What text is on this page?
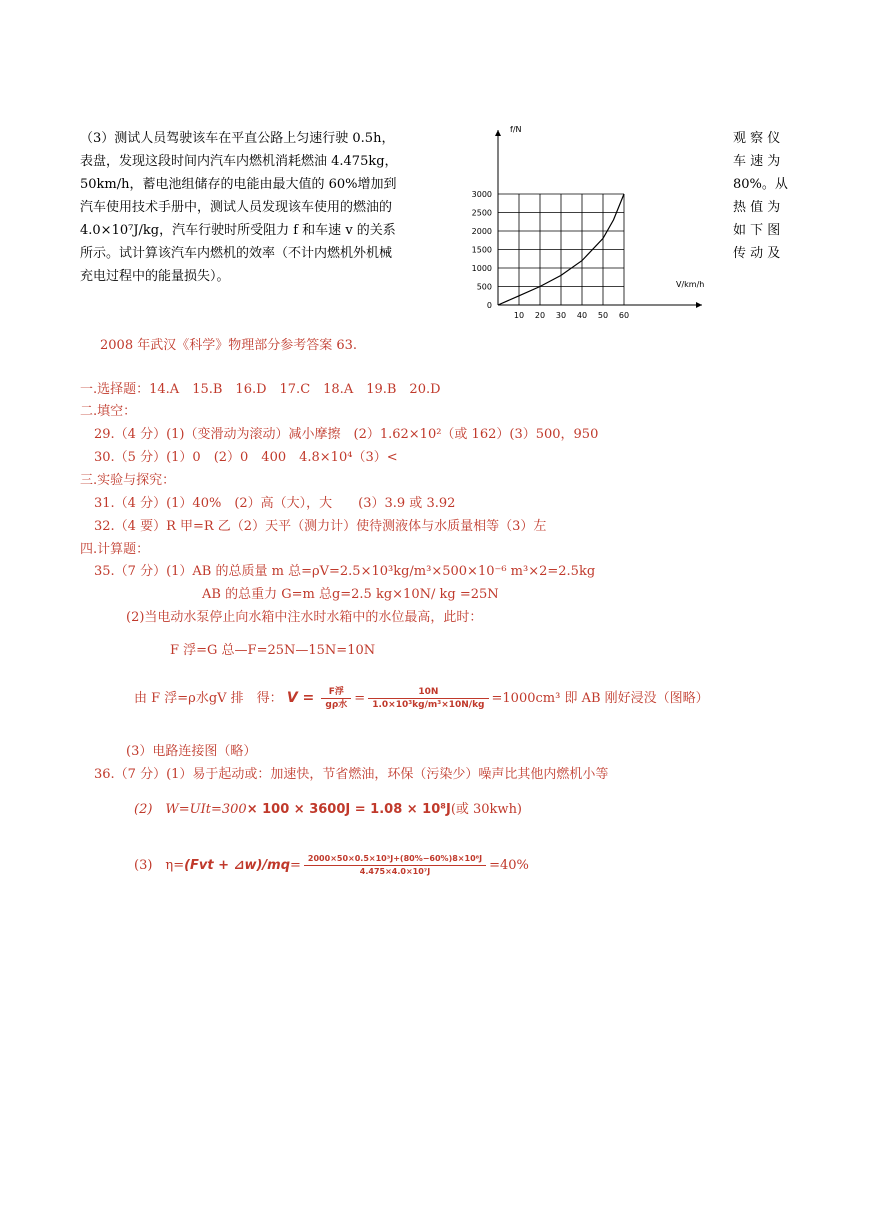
（3）测试人员驾驶该车在平直公路上匀速行驶 0.5h，
表盘，发现这段时间内汽车内燃机消耗燃油 4.475kg，
50km/h，蓄电池组储存的电能由最大值的 60%增加到
汽车使用技术手册中，测试人员发现该车使用的燃油的
4.0×10⁷J/kg，汽车行驶时所受阻力 f 和车速 v 的关系
所示。试计算该汽车内燃机的效率（不计内燃机外机械
充电过程中的能量损失）。
观 察 仪
车 速 为
80%。从
热 值 为
如 下 图
传 动 及
10 20 30 40 50 60
0
500
1000
1500
2000
2500
3000
f/N
V/km/h
2008 年武汉《科学》物理部分参考答案 63.
一.选择题：14.A　15.B　16.D　17.C　18.A　19.B　20.D
二.填空：
29.（4 分）(1)（变滑动为滚动）减小摩擦　(2）1.62×10²（或 162）(3）500，950
30.（5 分）(1）0　(2）0　400　4.8×10⁴（3）<
三.实验与探究：
31.（4 分）(1）40%　(2）高（大），大　　(3）3.9 或 3.92
32.（4 要）R 甲=R 乙（2）天平（测力计）使待测液体与水质量相等（3）左
四.计算题：
35.（7 分）(1）AB 的总质量 m 总=ρV=2.5×10³kg/m³×500×10⁻⁶ m³×2=2.5kg
AB 的总重力 G=m 总g=2.5 kg×10N/ kg =25N
(2)当电动水泵停止向水箱中注水时水箱中的水位最高，此时：
F 浮=G 总—F=25N—15N=10N
由 F 浮=ρ水gV 排　得： $V = \frac{\text{F浮}}{\text{gρ水}} = \frac{10N}{\text{1.0×10³kg/m³×10N/kg}} =1000cm^3$ 即 AB 刚好浸没（图略）
(3）电路连接图（略）
36.（7 分）(1）易于起动或：加速快，节省燃油，环保（污染少）噪声比其他内燃机小等
(2)　W=UIt=300× 100 × 3600J = 1.08 × 10⁸J(或 30kwh)
(3)　η=(Fvt + ⊿w)/mq= $\frac{\text{2000×50×0.5×10³J+(80\%−60\%)8×10⁸J}}{\text{4.475×4.0×10⁷J}} =40\%$
